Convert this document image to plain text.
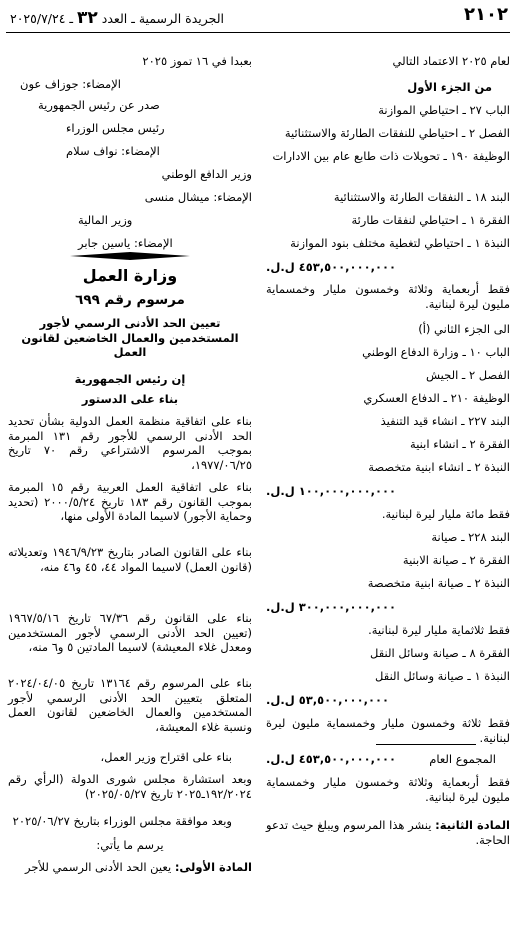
٢١٠٢
الجريدة الرسمية ـ العدد ٣٢ ـ ٢٠٢٥/٧/٢٤
لعام ٢٠٢٥ الاعتماد التالي
من الجزء الأول
الباب ٢٧ ـ احتياطي الموازنة
الفصل ٢ ـ احتياطي للنفقات الطارئة والاستثنائية
الوظيفة ١٩٠ ـ تحويلات ذات طابع عام بين الادارات
البند ١٨ ـ النفقات الطارئة والاستثنائية
الفقرة ١ ـ احتياطي لنفقات طارئة
النبذة ١ ـ احتياطي لتغطية مختلف بنود الموازنة
٤٥٣,٥٠٠,٠٠٠,٠٠٠ ل.ل.
فقط أربعماية وثلاثة وخمسون مليار وخمسماية مليون ليرة لبنانية.
الى الجزء الثاني (أ)
الباب ١٠ ـ وزارة الدفاع الوطني
الفصل ٢ ـ الجيش
الوظيفة ٢١٠ ـ الدفاع العسكري
البند ٢٢٧ ـ انشاء قيد التنفيذ
الفقرة ٢ ـ انشاء ابنية
النبذة ٢ ـ انشاء ابنية متخصصة
١٠٠,٠٠٠,٠٠٠,٠٠٠ ل.ل.
فقط مائة مليار ليرة لبنانية.
البند ٢٢٨ ـ صيانة
الفقرة ٢ ـ صيانة الابنية
النبذة ٢ ـ صيانة ابنية متخصصة
٣٠٠,٠٠٠,٠٠٠,٠٠٠ ل.ل.
فقط ثلاثماية مليار ليرة لبنانية.
الفقرة ٨ ـ صيانة وسائل النقل
النبذة ١ ـ صيانة وسائل النقل
٥٣,٥٠٠,٠٠٠,٠٠٠ ل.ل.
فقط ثلاثة وخمسون مليار وخمسماية مليون ليرة لبنانية.
المجموع العام
٤٥٣,٥٠٠,٠٠٠,٠٠٠ ل.ل.
فقط أربعماية وثلاثة وخمسون مليار وخمسماية مليون ليرة لبنانية.
المادة الثانية: ينشر هذا المرسوم ويبلغ حيث تدعو الحاجة.
بعبدا في ١٦ تموز ٢٠٢٥
الإمضاء: جوزاف عون
صدر عن رئيس الجمهورية
رئيس مجلس الوزراء
الإمضاء: نواف سلام
وزير الدافع الوطني
الإمضاء: ميشال منسى
وزير المالية
الإمضاء: ياسين جابر
وزارة العمل
مرسوم رقم ٦٩٩
تعيين الحد الأدنى الرسمي لأجور المستخدمين والعمال الخاضعين لقانون العمل
إن رئيس الجمهورية
بناء على الدستور
بناء على اتفاقية منظمة العمل الدولية بشأن تحديد الحد الأدنى الرسمي للأجور رقم ١٣١ المبرمة بموجب المرسوم الاشتراعي رقم ٧٠ تاريخ ١٩٧٧/٠٦/٢٥،
بناء على اتفاقية العمل العربية رقم ١٥ المبرمة بموجب القانون رقم ١٨٣ تاريخ ٢٠٠٠/٥/٢٤ (تحديد وحماية الأجور) لاسيما المادة الأولى منها،
بناء على القانون الصادر بتاريخ ١٩٤٦/٩/٢٣ وتعديلاته (قانون العمل) لاسيما المواد ٤٤، ٤٥ و٤٦ منه،
بناء على القانون رقم ٦٧/٣٦ تاريخ ١٩٦٧/٥/١٦ (تعيين الحد الأدنى الرسمي لأجور المستخدمين ومعدل غلاء المعيشة) لاسيما المادتين ٥ و٦ منه،
بناء على المرسوم رقم ١٣١٦٤ تاريخ ٢٠٢٤/٠٤/٠٥ المتعلق بتعيين الحد الأدنى الرسمي لأجور المستخدمين والعمال الخاضعين لقانون العمل ونسبة غلاء المعيشة،
بناء على اقتراح وزير العمل،
وبعد استشارة مجلس شورى الدولة (الرأي رقم ١٩٢/٢٠٢٤ـ٢٠٢٥ تاريخ ٢٠٢٥/٠٥/٢٧)
وبعد موافقة مجلس الوزراء بتاريخ ٢٠٢٥/٠٦/٢٧
يرسم ما يأتي:
المادة الأولى: يعين الحد الأدنى الرسمي للأجر
